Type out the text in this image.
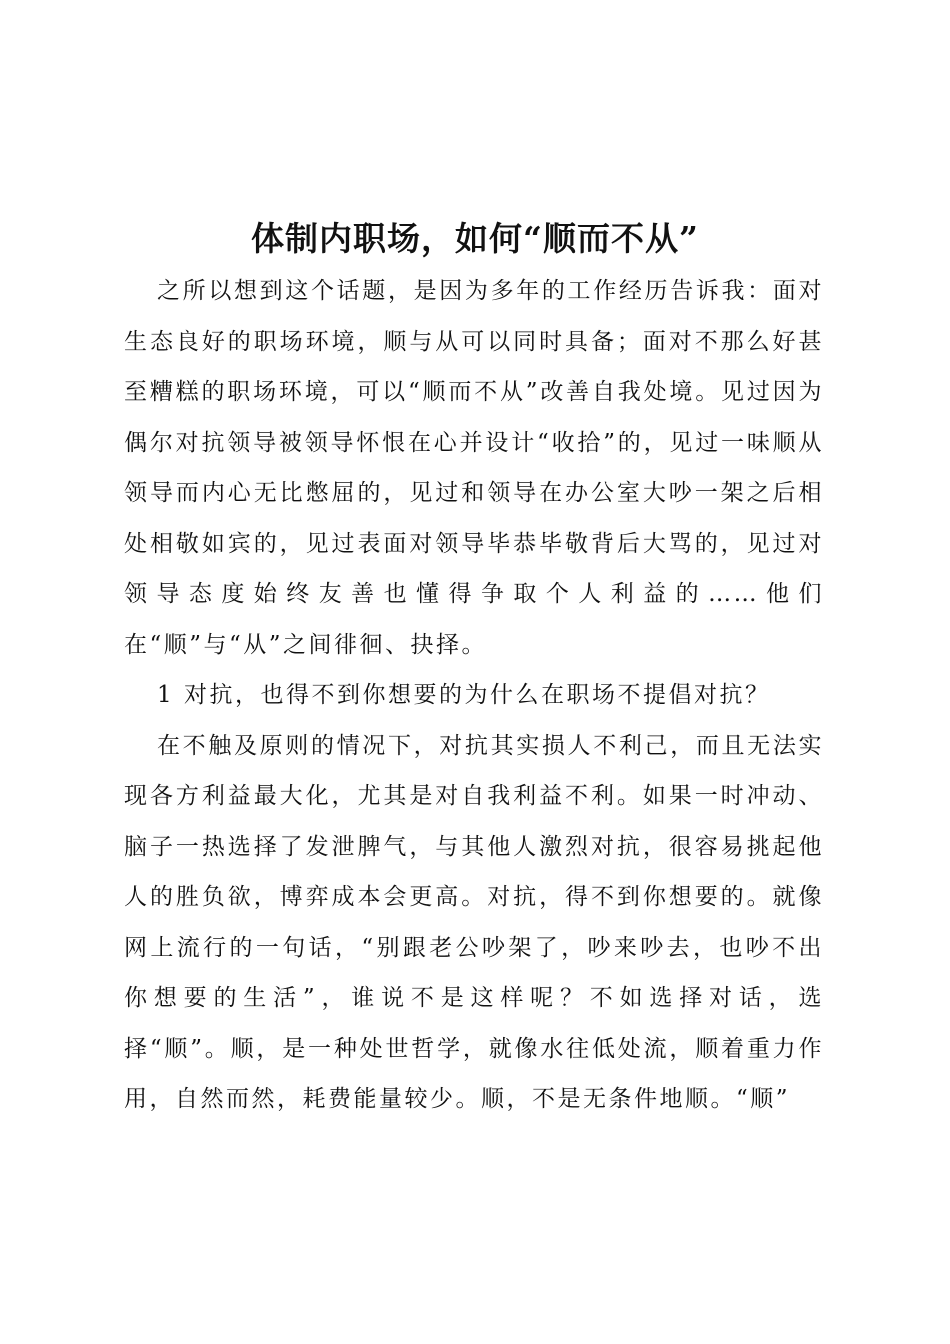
体制内职场，如何“顺而不从”

之所以想到这个话题，是因为多年的工作经历告诉我：面对生态良好的职场环境，顺与从可以同时具备；面对不那么好甚至糟糕的职场环境，可以“顺而不从”改善自我处境。见过因为偶尔对抗领导被领导怀恨在心并设计“收拾”的，见过一味顺从领导而内心无比憋屈的，见过和领导在办公室大吵一架之后相处相敬如宾的，见过表面对领导毕恭毕敬背后大骂的，见过对领导态度始终友善也懂得争取个人利益的……他们在“顺”与“从”之间徘徊、抉择。

1 对抗，也得不到你想要的为什么在职场不提倡对抗？

在不触及原则的情况下，对抗其实损人不利己，而且无法实现各方利益最大化，尤其是对自我利益不利。如果一时冲动、脑子一热选择了发泄脾气，与其他人激烈对抗，很容易挑起他人的胜负欲，博弈成本会更高。对抗，得不到你想要的。就像网上流行的一句话，“别跟老公吵架了，吵来吵去，也吵不出你想要的生活”，谁说不是这样呢？不如选择对话，选择“顺”。顺，是一种处世哲学，就像水往低处流，顺着重力作用，自然而然，耗费能量较少。顺，不是无条件地顺。“顺”
